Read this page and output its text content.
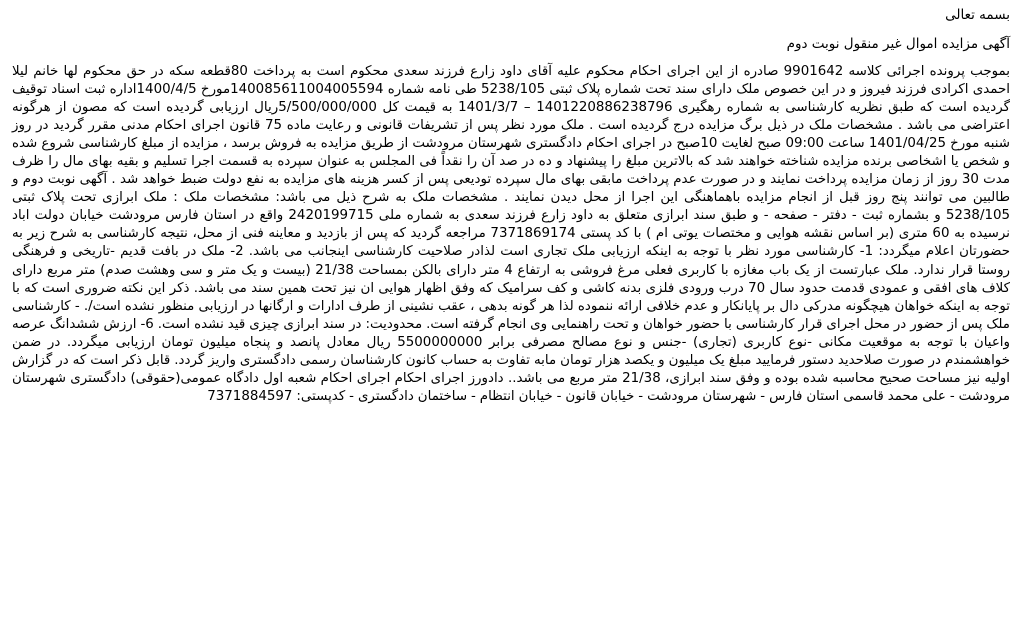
بسمه تعالی

آگهی مزایده اموال غیر منقول نوبت دوم

بموجب پرونده اجرائی کلاسه 9901642 صادره از این اجرای احکام محکوم علیه آقای داود زارع فرزند سعدی محکوم است به پرداخت 80قطعه سکه در حق محکوم لها خانم لیلا احمدی اکرادی فرزند فیروز و در این خصوص ملک دارای سند تحت شماره پلاک ثبتی 5238/105 طی نامه شماره 140085611004005594مورخ 1400/4/5اداره ثبت اسناد توقیف گردیده است که طبق نظریه کارشناسی به شماره رهگیری 1401220886238796 – 1401/3/7 به قیمت کل 5/500/000/000ریال ارزیابی گردیده است که مصون از هرگونه اعتراضی می باشد . مشخصات ملک در ذیل برگ مزایده درج گردیده است . ملک مورد نظر پس از تشریفات قانونی و رعایت ماده 75 قانون اجرای احکام مدنی مقرر گردید در روز شنبه مورخ 1401/04/25 ساعت 09:00 صبح لغایت 10صبح در اجرای احکام دادگستری شهرستان مرودشت از طریق مزایده به فروش برسد ، مزایده از مبلغ کارشناسی شروع شده و شخص یا اشخاصی برنده مزایده شناخته خواهند شد که بالاترین مبلغ را پیشنهاد و ده در صد آن را نقداً فی المجلس به عنوان سپرده به قسمت اجرا تسلیم و بقیه بهای مال را ظرف مدت 30 روز از زمان مزایده پرداخت نمایند و در صورت عدم پرداخت مابقی بهای مال سپرده تودیعی پس از کسر هزینه های مزایده به نفع دولت ضبط خواهد شد . آگهی نوبت دوم و طالبین می توانند پنج روز قبل از انجام مزایده باهماهنگی این اجرا از محل دیدن نمایند . مشخصات ملک به شرح ذیل می باشد: مشخصات ملک : ملک ابرازی تحت پلاک ثبتی 5238/105 و بشماره ثبت - دفتر - صفحه - و طبق سند ابرازی متعلق به داود زارع فرزند سعدی به شماره ملی 2420199715 واقع در استان فارس مرودشت خیابان دولت اباد نرسیده به 60 متری (بر اساس نقشه هوایی و مختصات یوتی ام ) با کد پستی 7371869174 مراجعه گردید که پس از بازدید و معاینه فنی از محل، نتیجه کارشناسی به شرح زیر به حضورتان اعلام میگردد: 1- کارشناسی مورد نظر با توجه به اینکه ارزیابی ملک تجاری است لذادر صلاحیت کارشناسی اینجانب می باشد. 2- ملک در بافت قدیم -تاریخی و فرهنگی روستا قرار ندارد. ملک عبارتست از یک باب مغازه با کاربری فعلی مرغ فروشی به ارتفاع 4 متر دارای بالکن بمساحت 21/38 (بیست و یک متر و سی وهشت صدم) متر مربع دارای کلاف های افقی و عمودی قدمت حدود سال 70 درب ورودی فلزی بدنه کاشی و کف سرامیک که وفق اظهار هوایی ان نیز تحت همین سند می باشد. ذکر این نکته ضروری است که با توجه به اینکه خواهان هیچگونه مدرکی دال بر پایانکار و عدم خلافی ارائه ننموده لذا هر گونه بدهی ، عقب نشینی از طرف ادارات و ارگانها در ارزیابی منظور نشده است/. - کارشناسی ملک پس از حضور در محل اجرای قرار کارشناسی با حضور خواهان و تحت راهنمایی وی انجام گرفته است. محدودیت: در سند ابرازی چیزی قید نشده است. 6- ارزش ششدانگ عرصه واعیان با توجه به موقعیت مکانی -نوع کاربری (تجاری) -جنس و نوع مصالح مصرفی برابر 5500000000 ریال معادل پانصد و پنجاه میلیون تومان ارزیابی میگردد. در ضمن خواهشمندم در صورت صلاحدید دستور فرمایید مبلغ یک میلیون و یکصد هزار تومان مابه تفاوت به حساب کانون کارشناسان رسمی دادگستری واریز گردد. قابل ذکر است که در گزارش اولیه نیز مساحت صحیح محاسبه شده بوده و وفق سند ابرازی، 21/38 متر مربع می باشد.. دادورز اجرای احکام اجرای احکام شعبه اول دادگاه عمومی(حقوقی) دادگستری شهرستان مرودشت - علی محمد قاسمی استان فارس - شهرستان مرودشت - خیابان قانون - خیابان انتظام - ساختمان دادگستری - کدپستی: 7371884597
